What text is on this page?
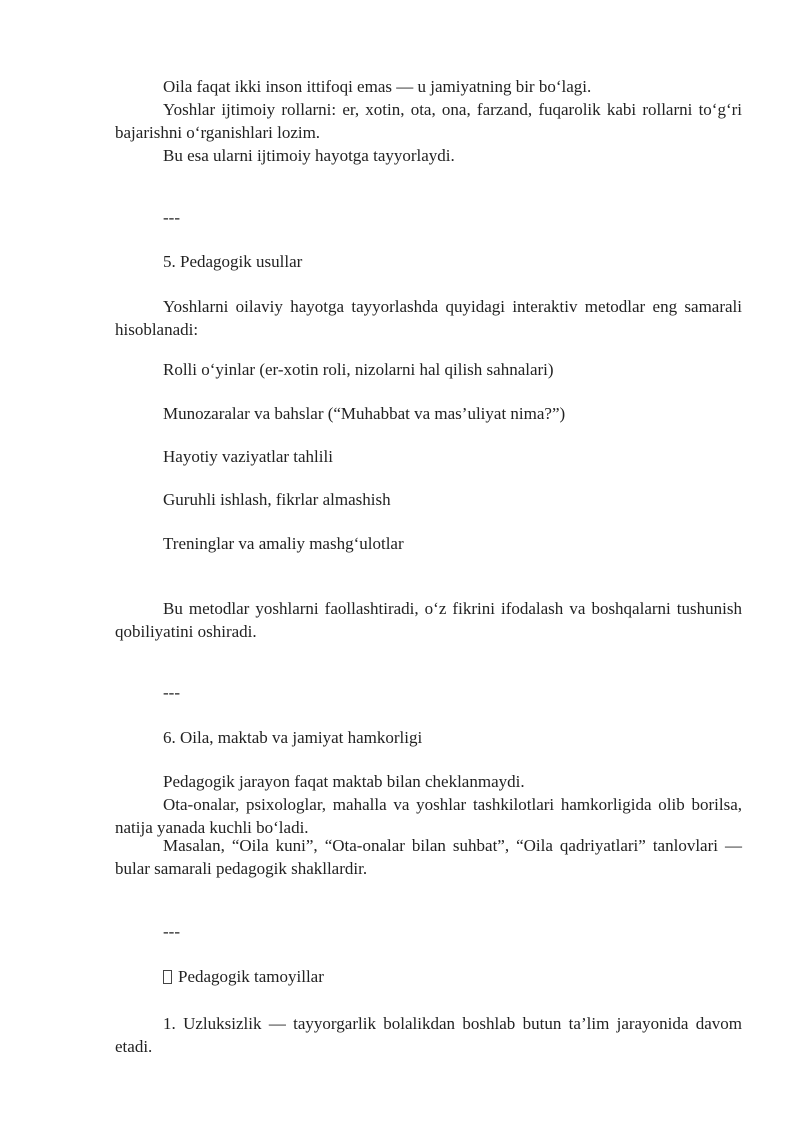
Oila faqat ikki inson ittifoqi emas — u jamiyatning bir bo‘lagi.

Yoshlar ijtimoiy rollarni: er, xotin, ota, ona, farzand, fuqarolik kabi rollarni to‘g‘ri bajarishni o‘rganishlari lozim.

Bu esa ularni ijtimoiy hayotga tayyorlaydi.

---

5. Pedagogik usullar

Yoshlarni oilaviy hayotga tayyorlashda quyidagi interaktiv metodlar eng samarali hisoblanadi:

Rolli o‘yinlar (er-xotin roli, nizolarni hal qilish sahnalari)

Munozaralar va bahslar (“Muhabbat va mas’uliyat nima?”)

Hayotiy vaziyatlar tahlili

Guruhli ishlash, fikrlar almashish

Treninglar va amaliy mashg‘ulotlar

Bu metodlar yoshlarni faollashtiradi, o‘z fikrini ifodalash va boshqalarni tushunish qobiliyatini oshiradi.

---

6. Oila, maktab va jamiyat hamkorligi

Pedagogik jarayon faqat maktab bilan cheklanmaydi.

Ota-onalar, psixologlar, mahalla va yoshlar tashkilotlari hamkorligida olib borilsa, natija yanada kuchli bo‘ladi.

Masalan, “Oila kuni”, “Ota-onalar bilan suhbat”, “Oila qadriyatlari” tanlovlari — bular samarali pedagogik shakllardir.

---

Pedagogik tamoyillar

1. Uzluksizlik — tayyorgarlik bolalikdan boshlab butun ta’lim jarayonida davom etadi.
